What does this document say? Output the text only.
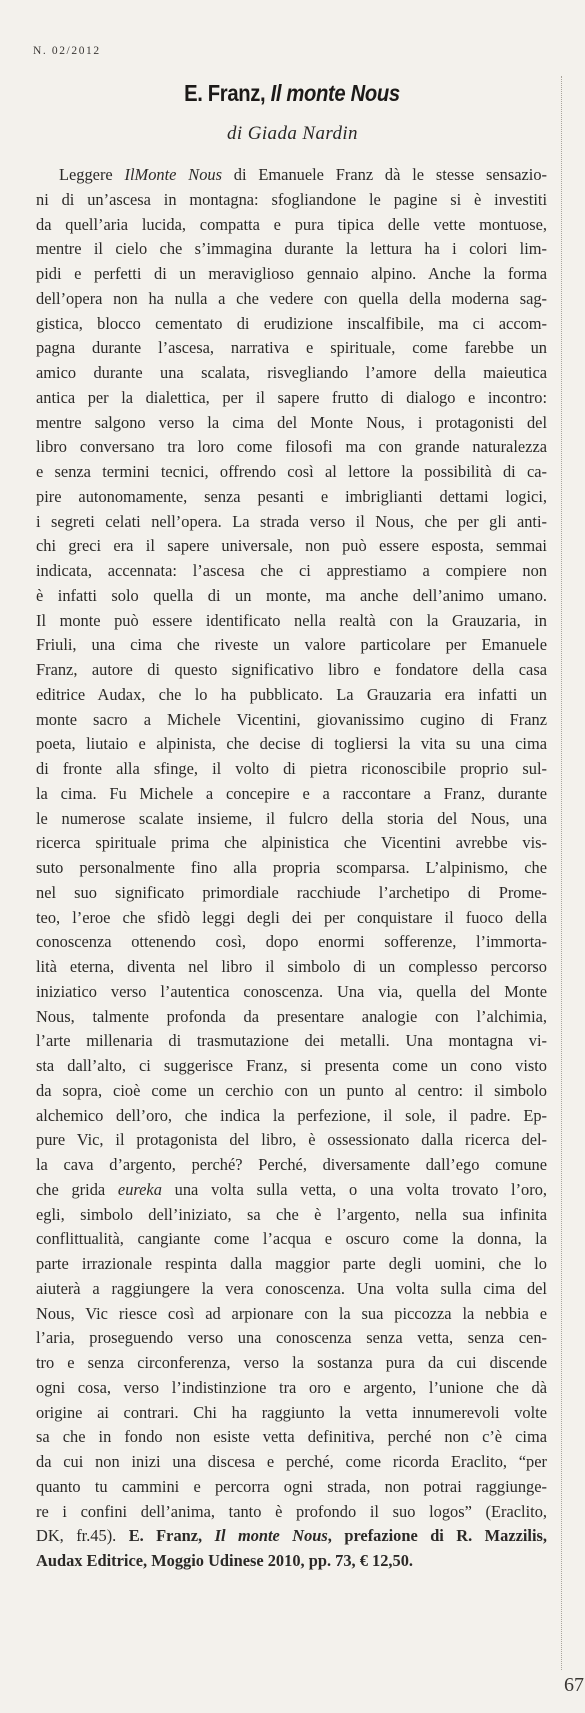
N. 02/2012
E. Franz, Il monte Nous
di Giada Nardin
Leggere IlMonte Nous di Emanuele Franz dà le stesse sensazio-
ni di un’ascesa in montagna: sfogliandone le pagine si è investiti
da quell’aria lucida, compatta e pura tipica delle vette montuose,
mentre il cielo che s’immagina durante la lettura ha i colori lim-
pidi e perfetti di un meraviglioso gennaio alpino. Anche la forma
dell’opera non ha nulla a che vedere con quella della moderna sag-
gistica, blocco cementato di erudizione inscalfibile, ma ci accom-
pagna durante l’ascesa, narrativa e spirituale, come farebbe un
amico durante una scalata, risvegliando l’amore della maieutica
antica per la dialettica, per il sapere frutto di dialogo e incontro:
mentre salgono verso la cima del Monte Nous, i protagonisti del
libro conversano tra loro come filosofi ma con grande naturalezza
e senza termini tecnici, offrendo così al lettore la possibilità di ca-
pire autonomamente, senza pesanti e imbriglianti dettami logici,
i segreti celati nell’opera. La strada verso il Nous, che per gli anti-
chi greci era il sapere universale, non può essere esposta, semmai
indicata, accennata: l’ascesa che ci apprestiamo a compiere non
è infatti solo quella di un monte, ma anche dell’animo umano.
Il monte può essere identificato nella realtà con la Grauzaria, in
Friuli, una cima che riveste un valore particolare per Emanuele
Franz, autore di questo significativo libro e fondatore della casa
editrice Audax, che lo ha pubblicato. La Grauzaria era infatti un
monte sacro a Michele Vicentini, giovanissimo cugino di Franz
poeta, liutaio e alpinista, che decise di togliersi la vita su una cima
di fronte alla sfinge, il volto di pietra riconoscibile proprio sul-
la cima. Fu Michele a concepire e a raccontare a Franz, durante
le numerose scalate insieme, il fulcro della storia del Nous, una
ricerca spirituale prima che alpinistica che Vicentini avrebbe vis-
suto personalmente fino alla propria scomparsa. L’alpinismo, che
nel suo significato primordiale racchiude l’archetipo di Prome-
teo, l’eroe che sfidò leggi degli dei per conquistare il fuoco della
conoscenza ottenendo così, dopo enormi sofferenze, l’immorta-
lità eterna, diventa nel libro il simbolo di un complesso percorso
iniziatico verso l’autentica conoscenza. Una via, quella del Monte
Nous, talmente profonda da presentare analogie con l’alchimia,
l’arte millenaria di trasmutazione dei metalli. Una montagna vi-
sta dall’alto, ci suggerisce Franz, si presenta come un cono visto
da sopra, cioè come un cerchio con un punto al centro: il simbolo
alchemico dell’oro, che indica la perfezione, il sole, il padre. Ep-
pure Vic, il protagonista del libro, è ossessionato dalla ricerca del-
la cava d’argento, perché? Perché, diversamente dall’ego comune
che grida eureka una volta sulla vetta, o una volta trovato l’oro,
egli, simbolo dell’iniziato, sa che è l’argento, nella sua infinita
conflittualità, cangiante come l’acqua e oscuro come la donna, la
parte irrazionale respinta dalla maggior parte degli uomini, che lo
aiuterà a raggiungere la vera conoscenza. Una volta sulla cima del
Nous, Vic riesce così ad arpionare con la sua piccozza la nebbia e
l’aria, proseguendo verso una conoscenza senza vetta, senza cen-
tro e senza circonferenza, verso la sostanza pura da cui discende
ogni cosa, verso l’indistinzione tra oro e argento, l’unione che dà
origine ai contrari. Chi ha raggiunto la vetta innumerevoli volte
sa che in fondo non esiste vetta definitiva, perché non c’è cima
da cui non inizi una discesa e perché, come ricorda Eraclito, “per
quanto tu cammini e percorra ogni strada, non potrai raggiunge-
re i confini dell’anima, tanto è profondo il suo logos” (Eraclito,
DK, fr.45). E. Franz, Il monte Nous, prefazione di R. Mazzilis,
Audax Editrice, Moggio Udinese 2010, pp. 73, € 12,50.
67
